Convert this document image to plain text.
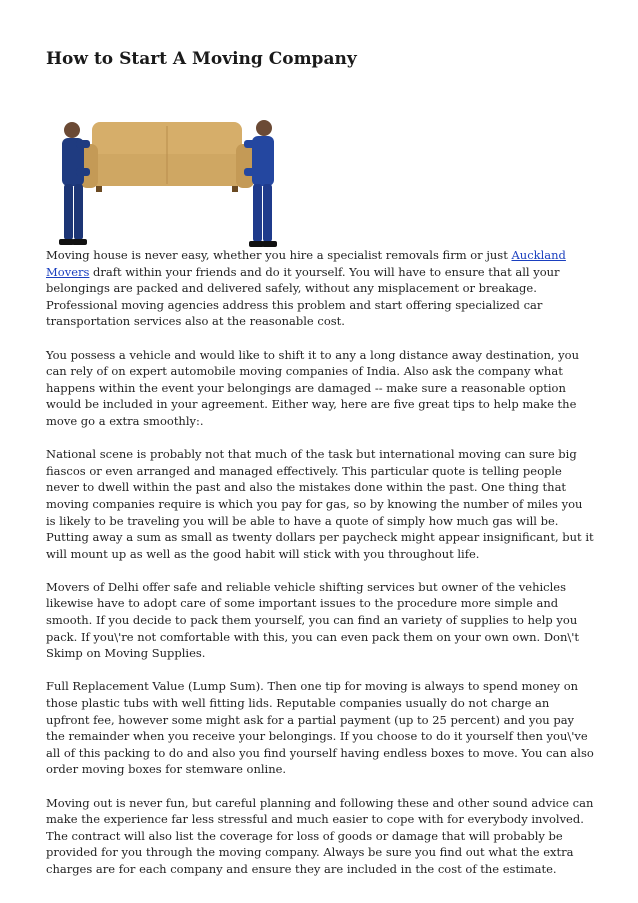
How to Start A Moving Company

Moving house is never easy, whether you hire a specialist removals firm or just Auckland Movers draft within your friends and do it yourself. You will have to ensure that all your belongings are packed and delivered safely, without any misplacement or breakage. Professional moving agencies address this problem and start offering specialized car transportation services also at the reasonable cost.

You possess a vehicle and would like to shift it to any a long distance away destination, you can rely of on expert automobile moving companies of India. Also ask the company what happens within the event your belongings are damaged -- make sure a reasonable option would be included in your agreement. Either way, here are five great tips to help make the move go a extra smoothly:.

National scene is probably not that much of the task but international moving can sure big fiascos or even arranged and managed effectively. This particular quote is telling people never to dwell within the past and also the mistakes done within the past. One thing that moving companies require is which you pay for gas, so by knowing the number of miles you is likely to be traveling you will be able to have a quote of simply how much gas will be. Putting away a sum as small as twenty dollars per paycheck might appear insignificant, but it will mount up as well as the good habit will stick with you throughout life.

Movers of Delhi offer safe and reliable vehicle shifting services but owner of the vehicles likewise have to adopt care of some important issues to the procedure more simple and smooth. If you decide to pack them yourself, you can find an variety of supplies to help you pack. If you\'re not comfortable with this, you can even pack them on your own own. Don\'t Skimp on Moving Supplies.

Full Replacement Value (Lump Sum). Then one tip for moving is always to spend money on those plastic tubs with well fitting lids. Reputable companies usually do not charge an upfront fee, however some might ask for a partial payment (up to 25 percent) and you pay the remainder when you receive your belongings. If you choose to do it yourself then you\'ve all of this packing to do and also you find yourself having endless boxes to move. You can also order moving boxes for stemware online.

Moving out is never fun, but careful planning and following these and other sound advice can make the experience far less stressful and much easier to cope with for everybody involved. The contract will also list the coverage for loss of goods or damage that will probably be provided for you through the moving company. Always be sure you find out what the extra charges are for each company and ensure they are included in the cost of the estimate.
